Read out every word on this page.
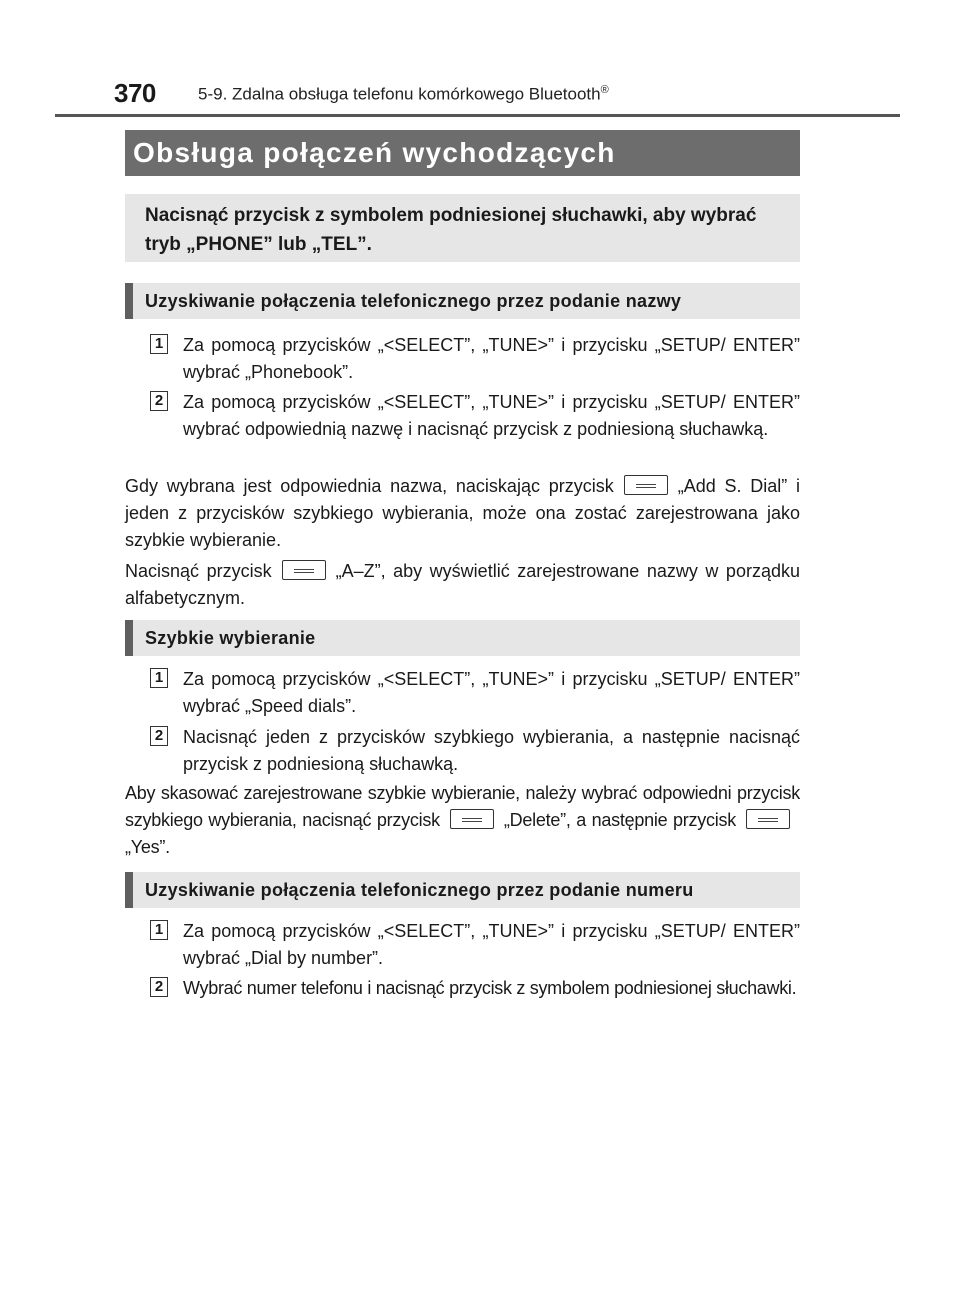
370 5-9. Zdalna obsługa telefonu komórkowego Bluetooth®
Obsługa połączeń wychodzących
Nacisnąć przycisk z symbolem podniesionej słuchawki, aby wybrać tryb „PHONE” lub „TEL”.
Uzyskiwanie połączenia telefonicznego przez podanie nazwy
1 Za pomocą przycisków „<SELECT”, „TUNE>” i przycisku „SETUP/ ENTER” wybrać „Phonebook”.
2 Za pomocą przycisków „<SELECT”, „TUNE>” i przycisku „SETUP/ ENTER” wybrać odpowiednią nazwę i nacisnąć przycisk z podniesioną słuchawką.
Gdy wybrana jest odpowiednia nazwa, naciskając przycisk	„Add S. Dial” i jeden z przycisków szybkiego wybierania, może ona zostać zarejestrowana jako szybkie wybieranie.
Nacisnąć przycisk	„A–Z”, aby wyświetlić zarejestrowane nazwy w porządku alfabetycznym.
Szybkie wybieranie
1 Za pomocą przycisków „<SELECT”, „TUNE>” i przycisku „SETUP/ ENTER” wybrać „Speed dials”.
2 Nacisnąć jeden z przycisków szybkiego wybierania, a następnie nacisnąć przycisk z podniesioną słuchawką.
Aby skasować zarejestrowane szybkie wybieranie, należy wybrać odpowiedni przycisk szybkiego wybierania, nacisnąć przycisk	„Delete”, a następnie przycisk„Yes”.
Uzyskiwanie połączenia telefonicznego przez podanie numeru
1 Za pomocą przycisków „<SELECT”, „TUNE>” i przycisku „SETUP/ ENTER” wybrać „Dial by number”.
2 Wybrać numer telefonu i nacisnąć przycisk z symbolem podniesionej słuchawki.
